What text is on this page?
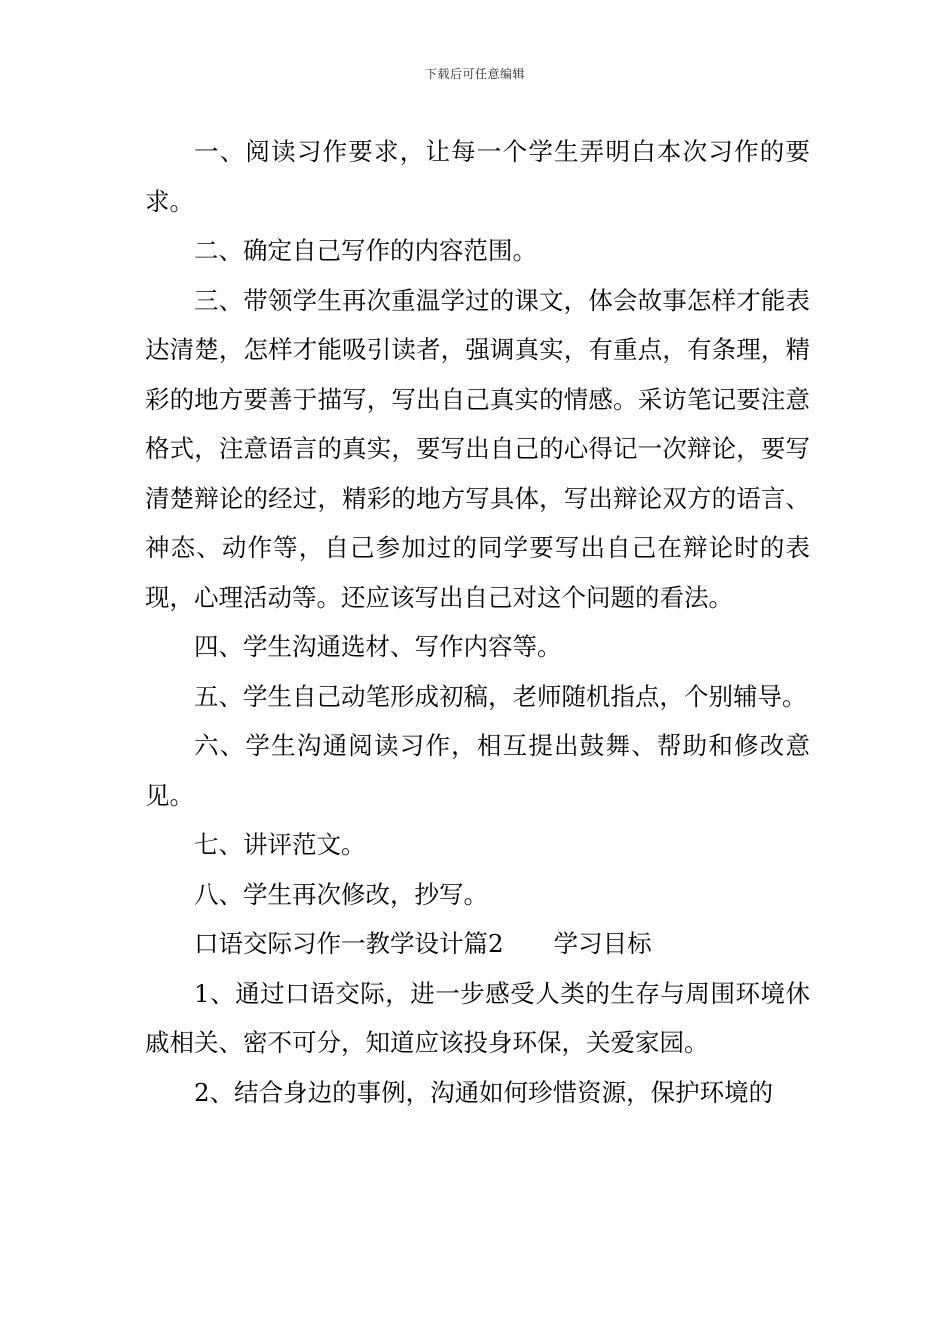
下载后可任意编辑

一、阅读习作要求，让每一个学生弄明白本次习作的要求。

二、确定自己写作的内容范围。

三、带领学生再次重温学过的课文，体会故事怎样才能表达清楚，怎样才能吸引读者，强调真实，有重点，有条理，精彩的地方要善于描写，写出自己真实的情感。采访笔记要注意格式，注意语言的真实，要写出自己的心得记一次辩论，要写清楚辩论的经过，精彩的地方写具体，写出辩论双方的语言、神态、动作等，自己参加过的同学要写出自己在辩论时的表现，心理活动等。还应该写出自己对这个问题的看法。

四、学生沟通选材、写作内容等。

五、学生自己动笔形成初稿，老师随机指点，个别辅导。

六、学生沟通阅读习作，相互提出鼓舞、帮助和修改意见。

七、讲评范文。

八、学生再次修改，抄写。

口语交际习作一教学设计篇2 学习目标

1、通过口语交际，进一步感受人类的生存与周围环境休戚相关、密不可分，知道应该投身环保，关爱家园。

2、结合身边的事例，沟通如何珍惜资源，保护环境的
